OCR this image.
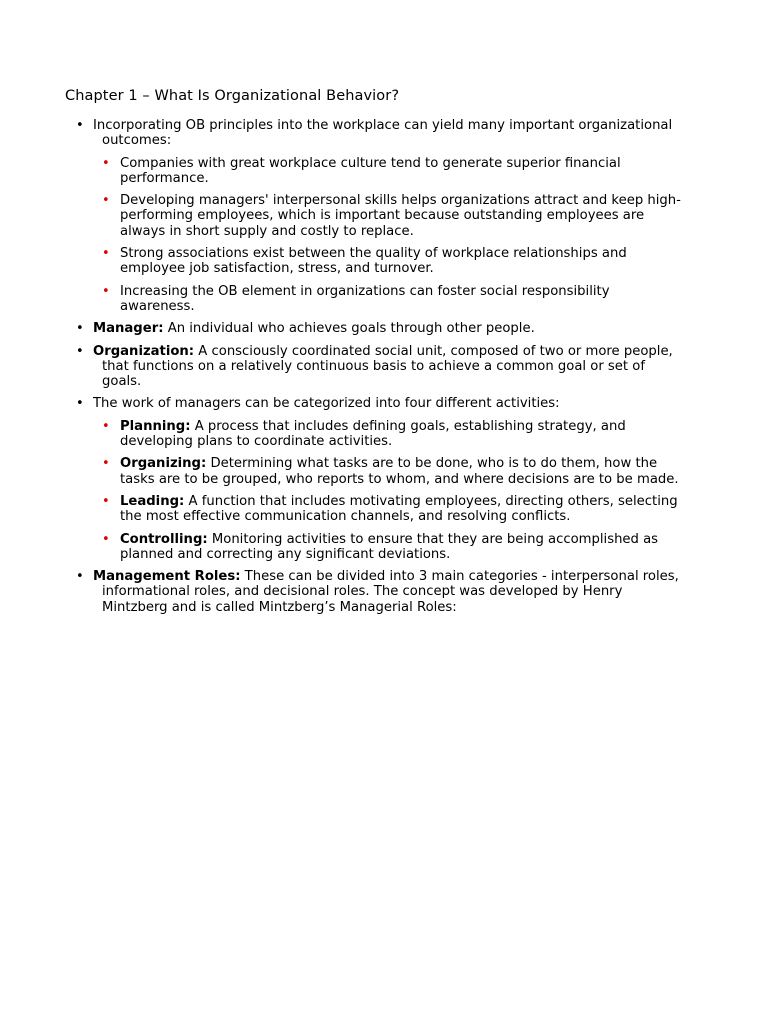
Chapter 1 – What Is Organizational Behavior?
• Incorporating OB principles into the workplace can yield many important organizational outcomes:
• Companies with great workplace culture tend to generate superior financial performance.
• Developing managers' interpersonal skills helps organizations attract and keep high-performing employees, which is important because outstanding employees are always in short supply and costly to replace.
• Strong associations exist between the quality of workplace relationships and employee job satisfaction, stress, and turnover.
• Increasing the OB element in organizations can foster social responsibility awareness.
• Manager: An individual who achieves goals through other people.
• Organization: A consciously coordinated social unit, composed of two or more people, that functions on a relatively continuous basis to achieve a common goal or set of goals.
• The work of managers can be categorized into four different activities:
• Planning: A process that includes defining goals, establishing strategy, and developing plans to coordinate activities.
• Organizing: Determining what tasks are to be done, who is to do them, how the tasks are to be grouped, who reports to whom, and where decisions are to be made.
• Leading: A function that includes motivating employees, directing others, selecting the most effective communication channels, and resolving conflicts.
• Controlling: Monitoring activities to ensure that they are being accomplished as planned and correcting any significant deviations.
• Management Roles: These can be divided into 3 main categories - interpersonal roles, informational roles, and decisional roles. The concept was developed by Henry Mintzberg and is called Mintzberg’s Managerial Roles:
